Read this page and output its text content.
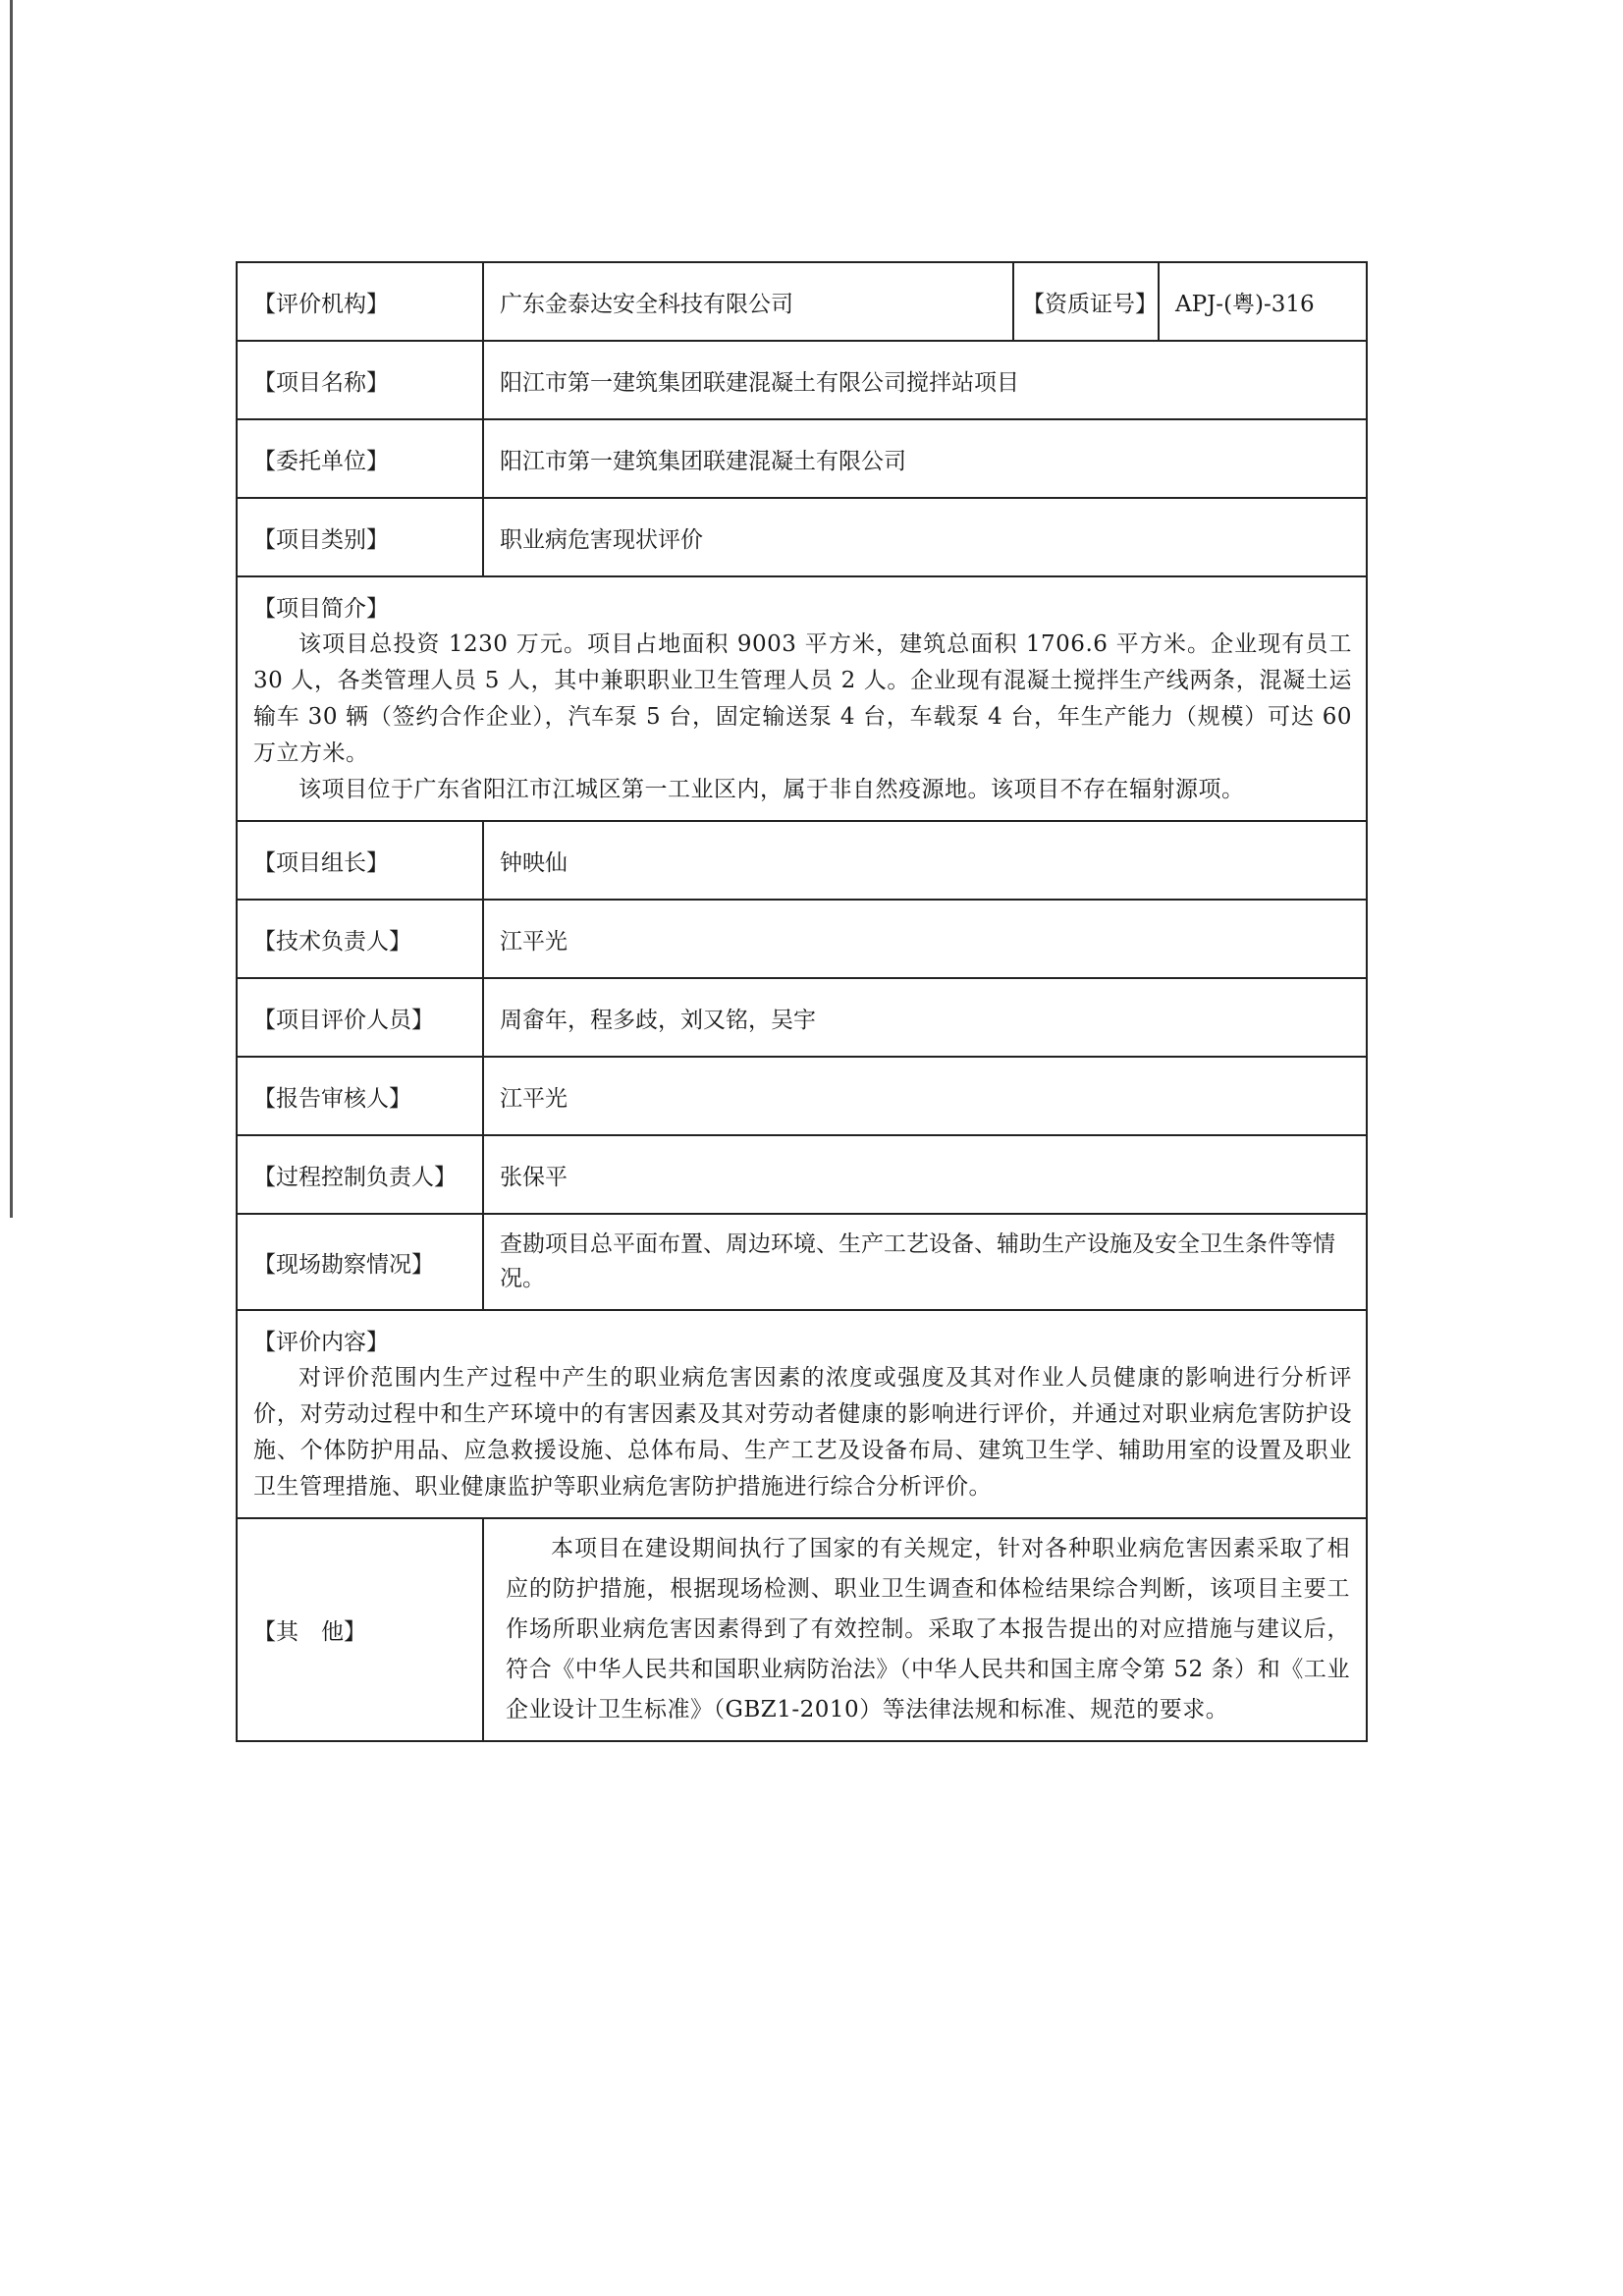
【评价机构】	广东金泰达安全科技有限公司	【资质证号】 APJ-(粤)-316
【项目名称】	阳江市第一建筑集团联建混凝土有限公司搅拌站项目
【委托单位】	阳江市第一建筑集团联建混凝土有限公司
【项目类别】	职业病危害现状评价
【项目简介】

该项目总投资 1230 万元。项目占地面积 9003 平方米，建筑总面积 1706.6 平方米。企业现有员工 30 人，各类管理人员 5 人，其中兼职职业卫生管理人员 2 人。企业现有混凝土搅拌生产线两条，混凝土运输车 30 辆（签约合作企业），汽车泵 5 台，固定输送泵 4 台，车载泵 4 台，年生产能力（规模）可达 60 万立方米。

该项目位于广东省阳江市江城区第一工业区内，属于非自然疫源地。该项目不存在辐射源项。

【项目组长】	钟映仙
【技术负责人】	江平光
【项目评价人员】	周畲年，程多歧，刘又铭，吴宇
【报告审核人】	江平光
【过程控制负责人】	张保平
【现场勘察情况】
查勘项目总平面布置、周边环境、生产工艺设备、辅助生产设施及安全卫生条件等情况。
【评价内容】

对评价范围内生产过程中产生的职业病危害因素的浓度或强度及其对作业人员健康的影响进行分析评价，对劳动过程中和生产环境中的有害因素及其对劳动者健康的影响进行评价，并通过对职业病危害防护设施、个体防护用品、应急救援设施、总体布局、生产工艺及设备布局、建筑卫生学、辅助用室的设置及职业卫生管理措施、职业健康监护等职业病危害防护措施进行综合分析评价。

【其　他】

本项目在建设期间执行了国家的有关规定，针对各种职业病危害因素采取了相应的防护措施，根据现场检测、职业卫生调查和体检结果综合判断，该项目主要工作场所职业病危害因素得到了有效控制。采取了本报告提出的对应措施与建议后，符合《中华人民共和国职业病防治法》（中华人民共和国主席令第 52 条）和《工业企业设计卫生标准》（GBZ1-2010）等法律法规和标准、规范的要求。
